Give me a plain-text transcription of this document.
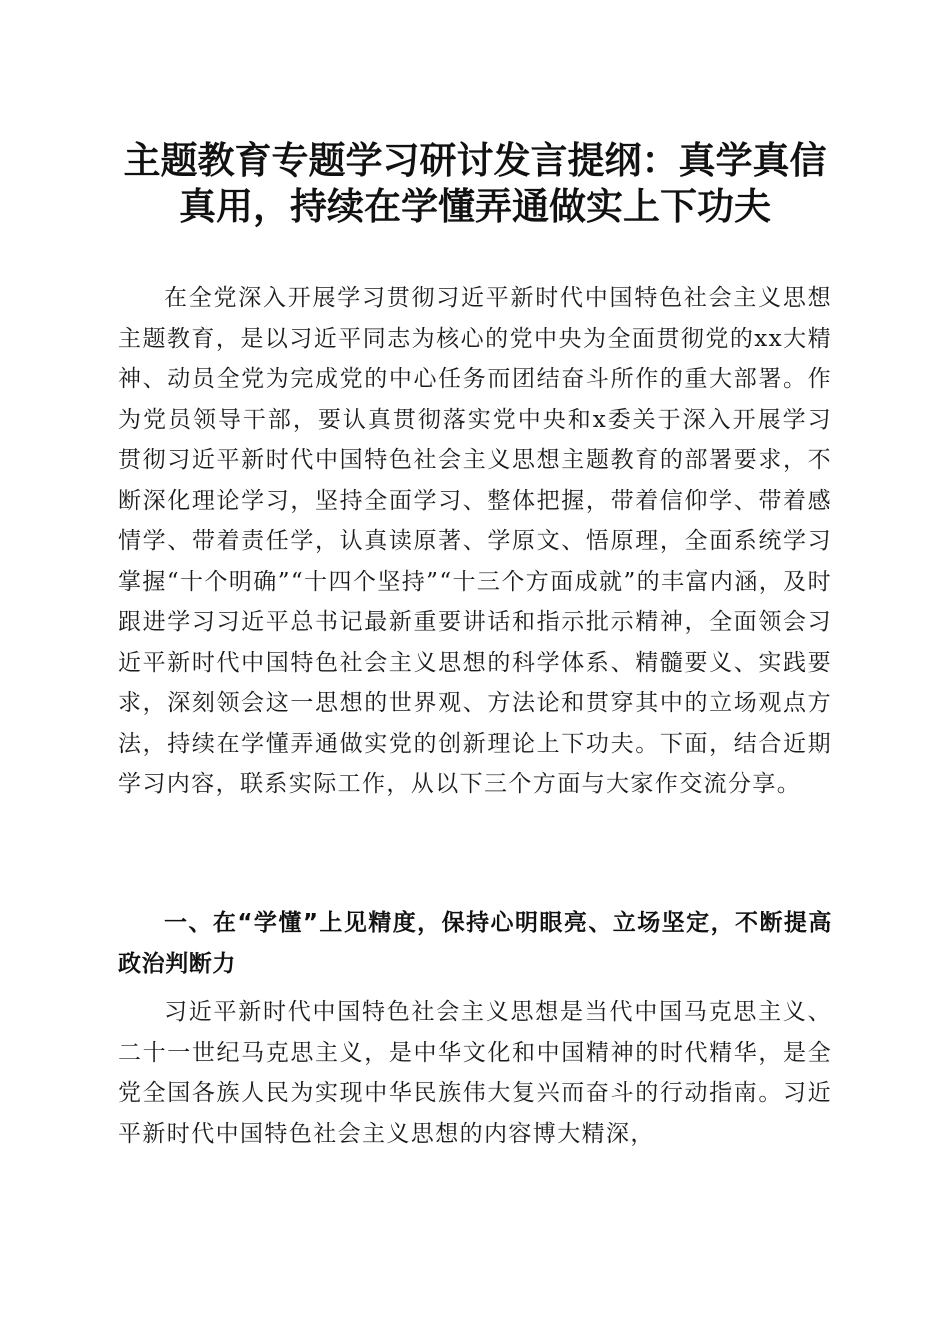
主题教育专题学习研讨发言提纲：真学真信真用，持续在学懂弄通做实上下功夫

在全党深入开展学习贯彻习近平新时代中国特色社会主义思想主题教育，是以习近平同志为核心的党中央为全面贯彻党的xx大精神、动员全党为完成党的中心任务而团结奋斗所作的重大部署。作为党员领导干部，要认真贯彻落实党中央和x委关于深入开展学习贯彻习近平新时代中国特色社会主义思想主题教育的部署要求，不断深化理论学习，坚持全面学习、整体把握，带着信仰学、带着感情学、带着责任学，认真读原著、学原文、悟原理，全面系统学习掌握“十个明确”“十四个坚持”“十三个方面成就”的丰富内涵，及时跟进学习习近平总书记最新重要讲话和指示批示精神，全面领会习近平新时代中国特色社会主义思想的科学体系、精髓要义、实践要求，深刻领会这一思想的世界观、方法论和贯穿其中的立场观点方法，持续在学懂弄通做实党的创新理论上下功夫。下面，结合近期学习内容，联系实际工作，从以下三个方面与大家作交流分享。

一、在“学懂”上见精度，保持心明眼亮、立场坚定，不断提高政治判断力

习近平新时代中国特色社会主义思想是当代中国马克思主义、二十一世纪马克思主义，是中华文化和中国精神的时代精华，是全党全国各族人民为实现中华民族伟大复兴而奋斗的行动指南。习近平新时代中国特色社会主义思想的内容博大精深，
